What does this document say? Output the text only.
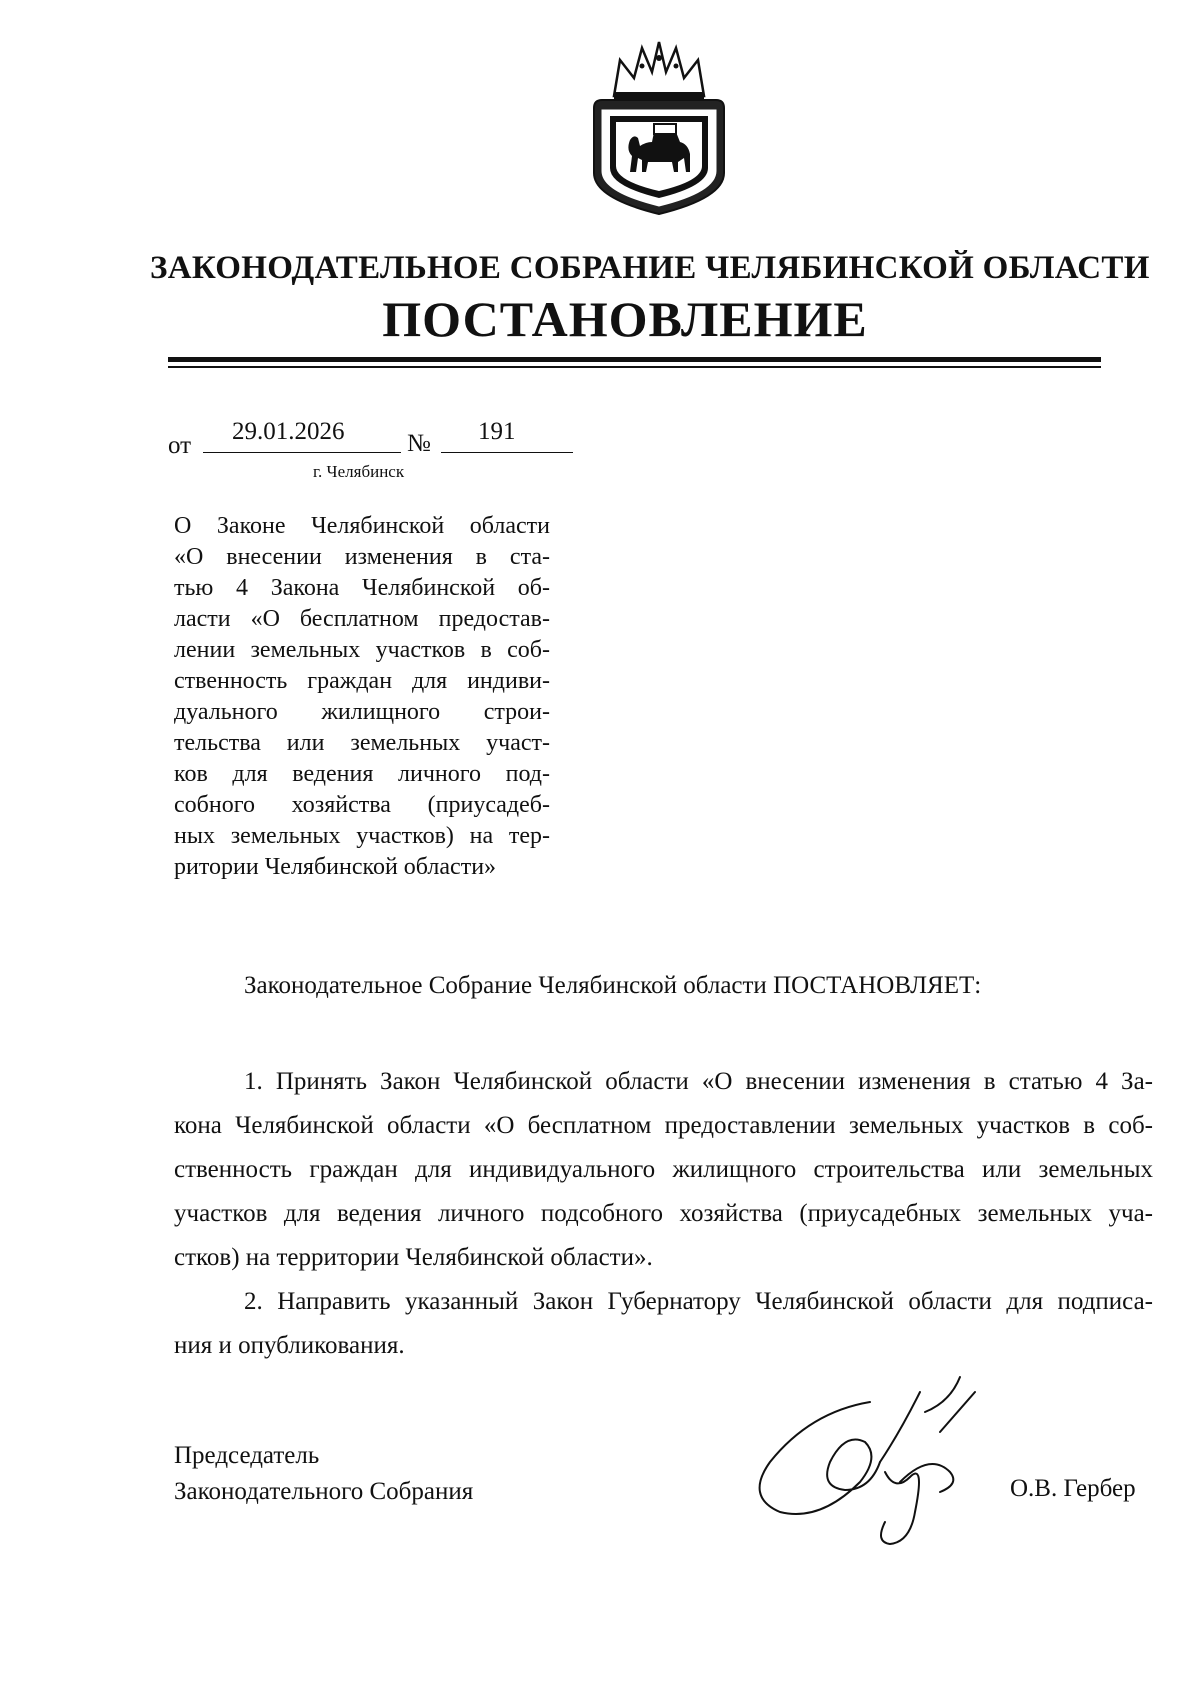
ЗАКОНОДАТЕЛЬНОЕ СОБРАНИЕ ЧЕЛЯБИНСКОЙ ОБЛАСТИ
ПОСТАНОВЛЕНИЕ
от
29.01.2026	№ 191
г. Челябинск
О Законе Челябинской области
«О внесении изменения в ста-
тью 4 Закона Челябинской об-
ласти «О бесплатном предостав-
лении земельных участков в соб-
ственность граждан для индиви-
дуального жилищного строи-
тельства или земельных участ-
ков для ведения личного под-
собного хозяйства (приусадеб-
ных земельных участков) на тер-
ритории Челябинской области»
Законодательное Собрание Челябинской области ПОСТАНОВЛЯЕТ:
1. Принять Закон Челябинской области «О внесении изменения в статью 4 За-
кона Челябинской области «О бесплатном предоставлении земельных участков в соб-
ственность граждан для индивидуального жилищного строительства или земельных
участков для ведения личного подсобного хозяйства (приусадебных земельных уча-
стков) на территории Челябинской области».
2. Направить указанный Закон Губернатору Челябинской области для подписа-
ния и опубликования.
Председатель
Законодательного Собрания	О.В. Гербер
